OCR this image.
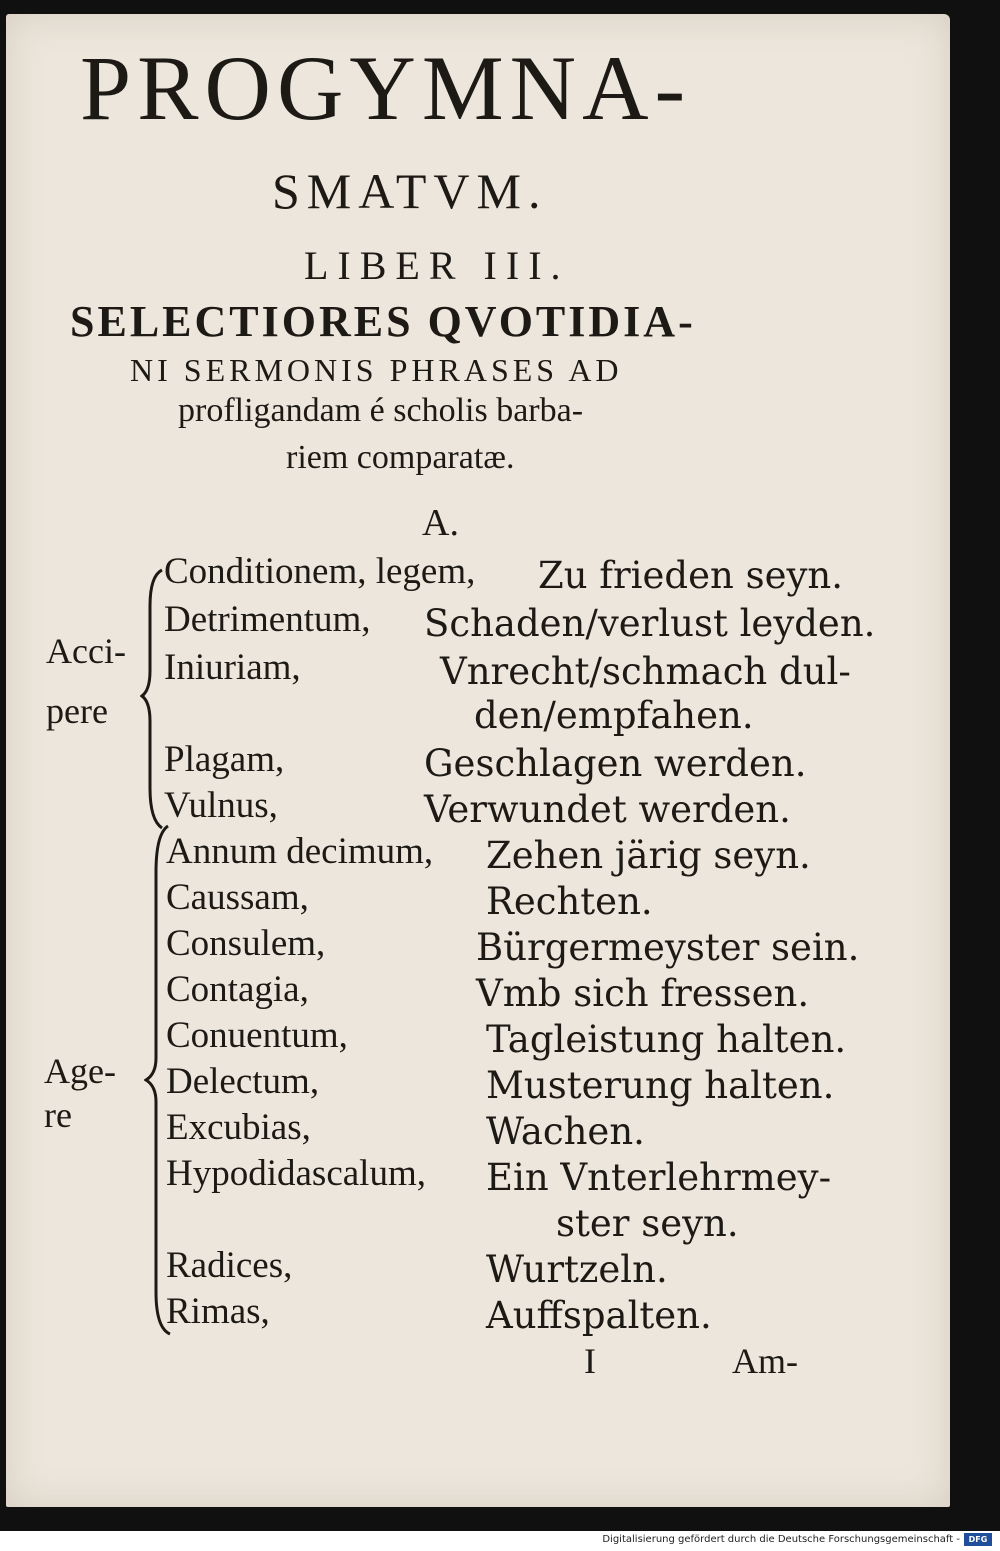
PROGYMNA-
SMATVM.
LIBER III.
SELECTIORES QVOTIDIA-
NI SERMONIS PHRASES AD
profligandam é scholis barba-
riem comparatæ.
A.
Acci-
pere
Conditionem, legem, Zu frieden seyn.
Detrimentum, Schaden/verlust leyden.
Iniuriam,	Vnrecht/schmach dul-
den/empfahen.
Plagam,	Geschlagen werden.
Vulnus,	Verwundet werden.
Age-
re
Annum decimum, Zehen järig seyn.
Caussam,	Rechten.
Consulem,	Bürgermeyster sein.
Contagia,	Vmb sich fressen.
Conuentum,	Tagleistung halten.
Delectum,	Musterung halten.
Excubias,	Wachen.
Hypodidascalum, Ein Vnterlehrmey-
ster seyn.
Radices,	Wurtzeln.
Rimas,	Auffspalten.
I	Am-
Digitalisierung gefördert durch die Deutsche Forschungsgemeinschaft -	DFG
